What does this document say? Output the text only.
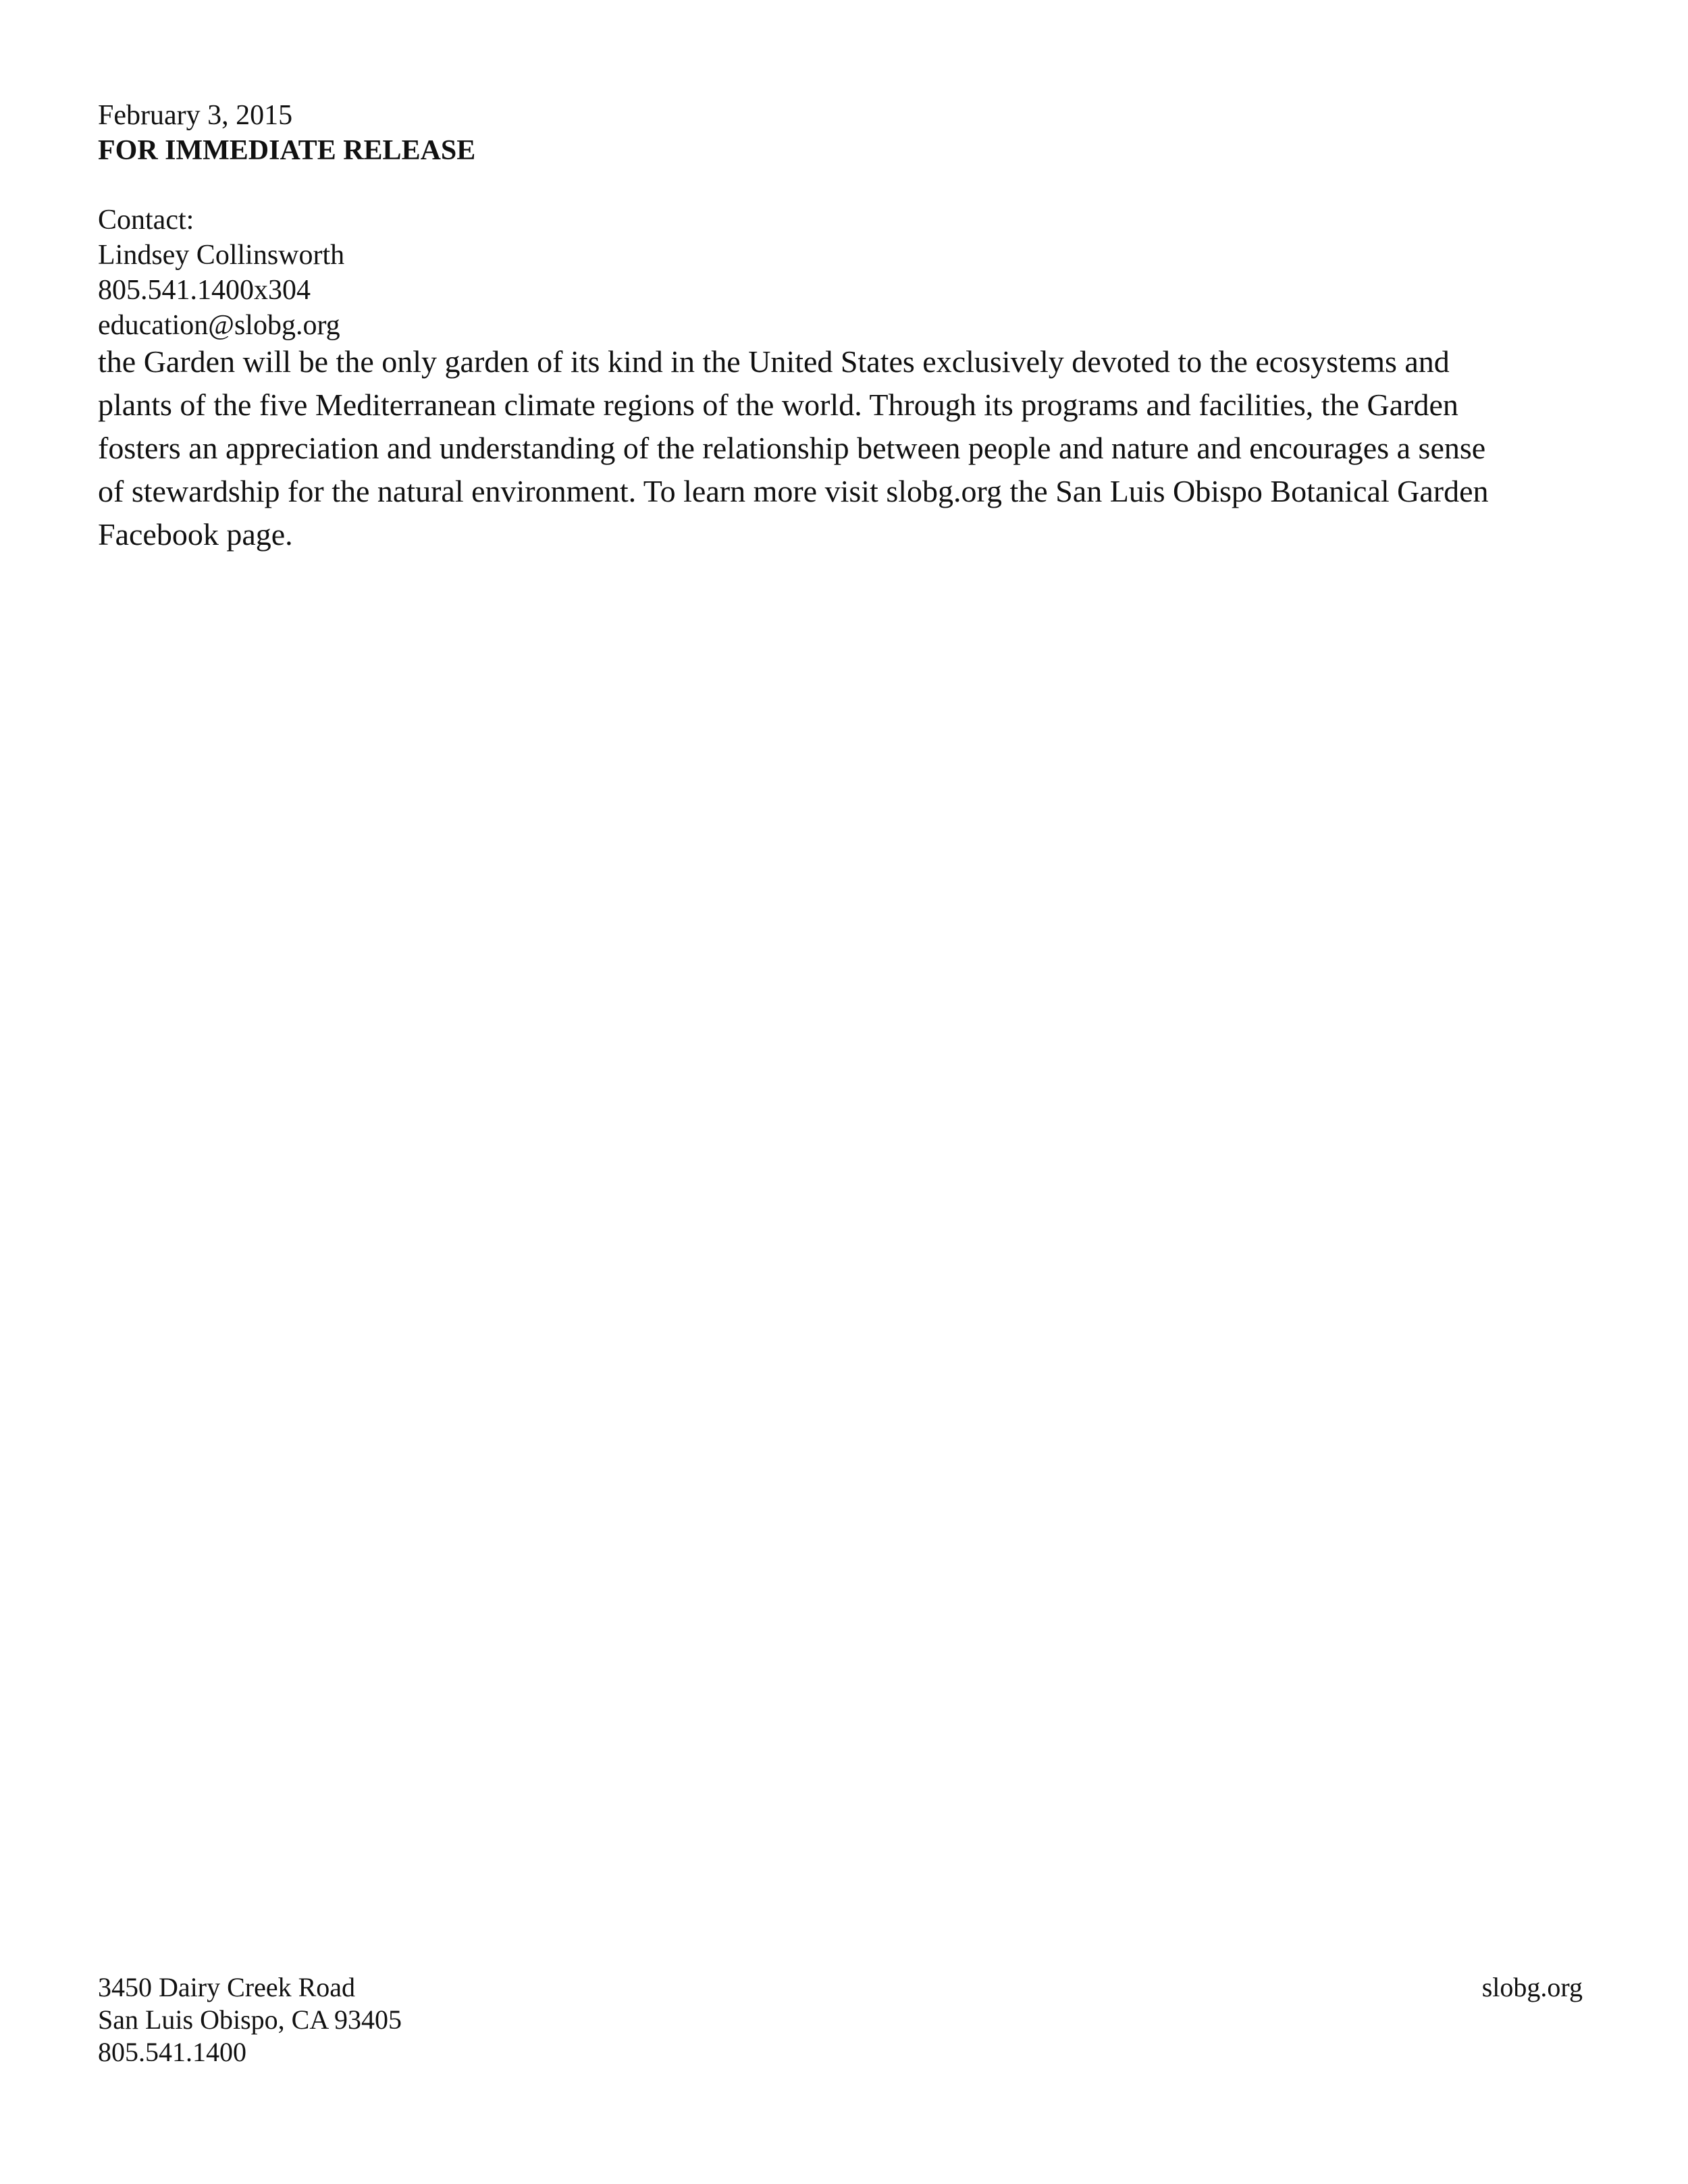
February 3, 2015
FOR IMMEDIATE RELEASE
Contact:
Lindsey Collinsworth
805.541.1400x304
education@slobg.org
the Garden will be the only garden of its kind in the United States exclusively devoted to the ecosystems and
plants of the five Mediterranean climate regions of the world. Through its programs and facilities, the Garden
fosters an appreciation and understanding of the relationship between people and nature and encourages a sense
of stewardship for the natural environment. To learn more visit slobg.org the San Luis Obispo Botanical Garden
Facebook page.
3450 Dairy Creek Road
San Luis Obispo, CA 93405
805.541.1400
slobg.org
